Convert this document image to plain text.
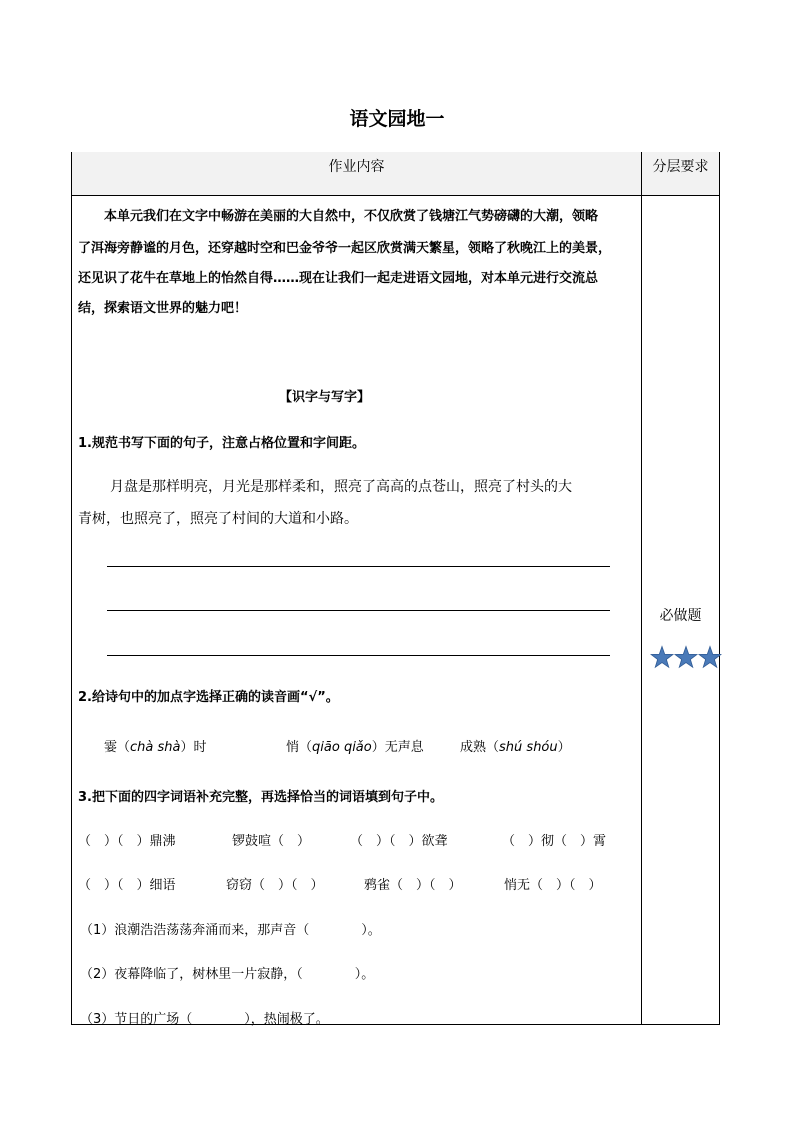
语文园地一
作业内容	分层要求
本单元我们在文字中畅游在美丽的大自然中，不仅欣赏了钱塘江气势磅礴的大潮，领略
了洱海旁静谧的月色，还穿越时空和巴金爷爷一起区欣赏满天繁星，领略了秋晚江上的美景，
还见识了花牛在草地上的怡然自得……现在让我们一起走进语文园地，对本单元进行交流总
结，探索语文世界的魅力吧！
【识字与写字】
1.规范书写下面的句子，注意占格位置和字间距。
月盘是那样明亮，月光是那样柔和，照亮了高高的点苍山，照亮了村头的大
青树，也照亮了，照亮了村间的大道和小路。
2.给诗句中的加点字选择正确的读音画“√”。
霎（chà shà）时	悄（qiāo qiǎo）无声息	成熟（shú shóu）
3.把下面的四字词语补充完整，再选择恰当的词语填到句子中。
（　）（　）鼎沸	锣鼓喧（　）	（　）（　）欲聋	（　）彻（　）霄
（　）（　）细语	窃窃（　）（　）	鸦雀（　）（　）	悄无（　）（　）
（1）浪潮浩浩荡荡奔涌而来，那声音（　　　　）。
（2）夜幕降临了，树林里一片寂静，（　　　　）。
（3）节日的广场（　　　　），热闹极了。
必做题
